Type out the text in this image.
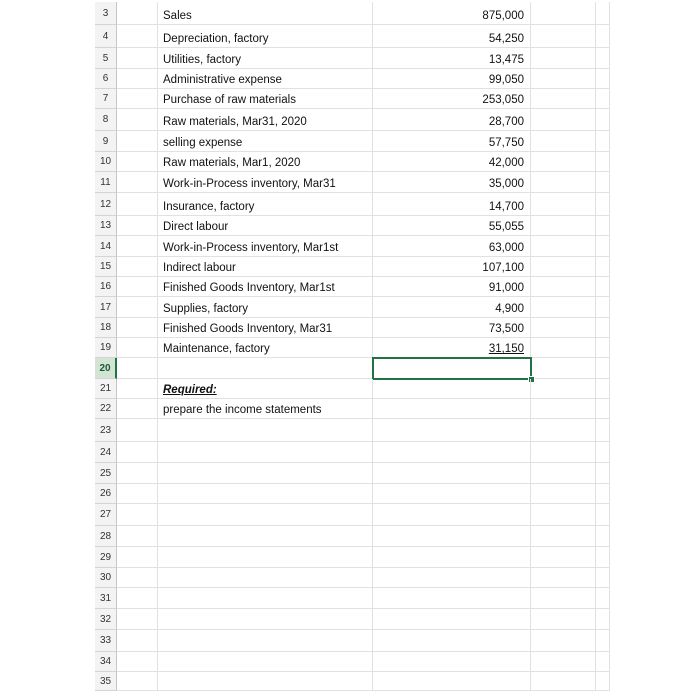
3	Sales	875,000
4	Depreciation, factory	54,250
5	Utilities, factory	13,475
6	Administrative expense	99,050
7	Purchase of raw materials	253,050
8	Raw materials, Mar31, 2020	28,700
9	selling expense	57,750
10	Raw materials, Mar1, 2020	42,000
11	Work-in-Process inventory, Mar31	35,000
12	Insurance, factory	14,700
13	Direct labour	55,055
14	Work-in-Process inventory, Mar1st	63,000
15	Indirect labour	107,100
16	Finished Goods Inventory, Mar1st	91,000
17	Supplies, factory	4,900
18	Finished Goods Inventory, Mar31	73,500
19	Maintenance, factory	31,150
20
21	Required:
22	prepare the income statements
23
24
25
26
27
28
29
30
31
32
33
34
35
